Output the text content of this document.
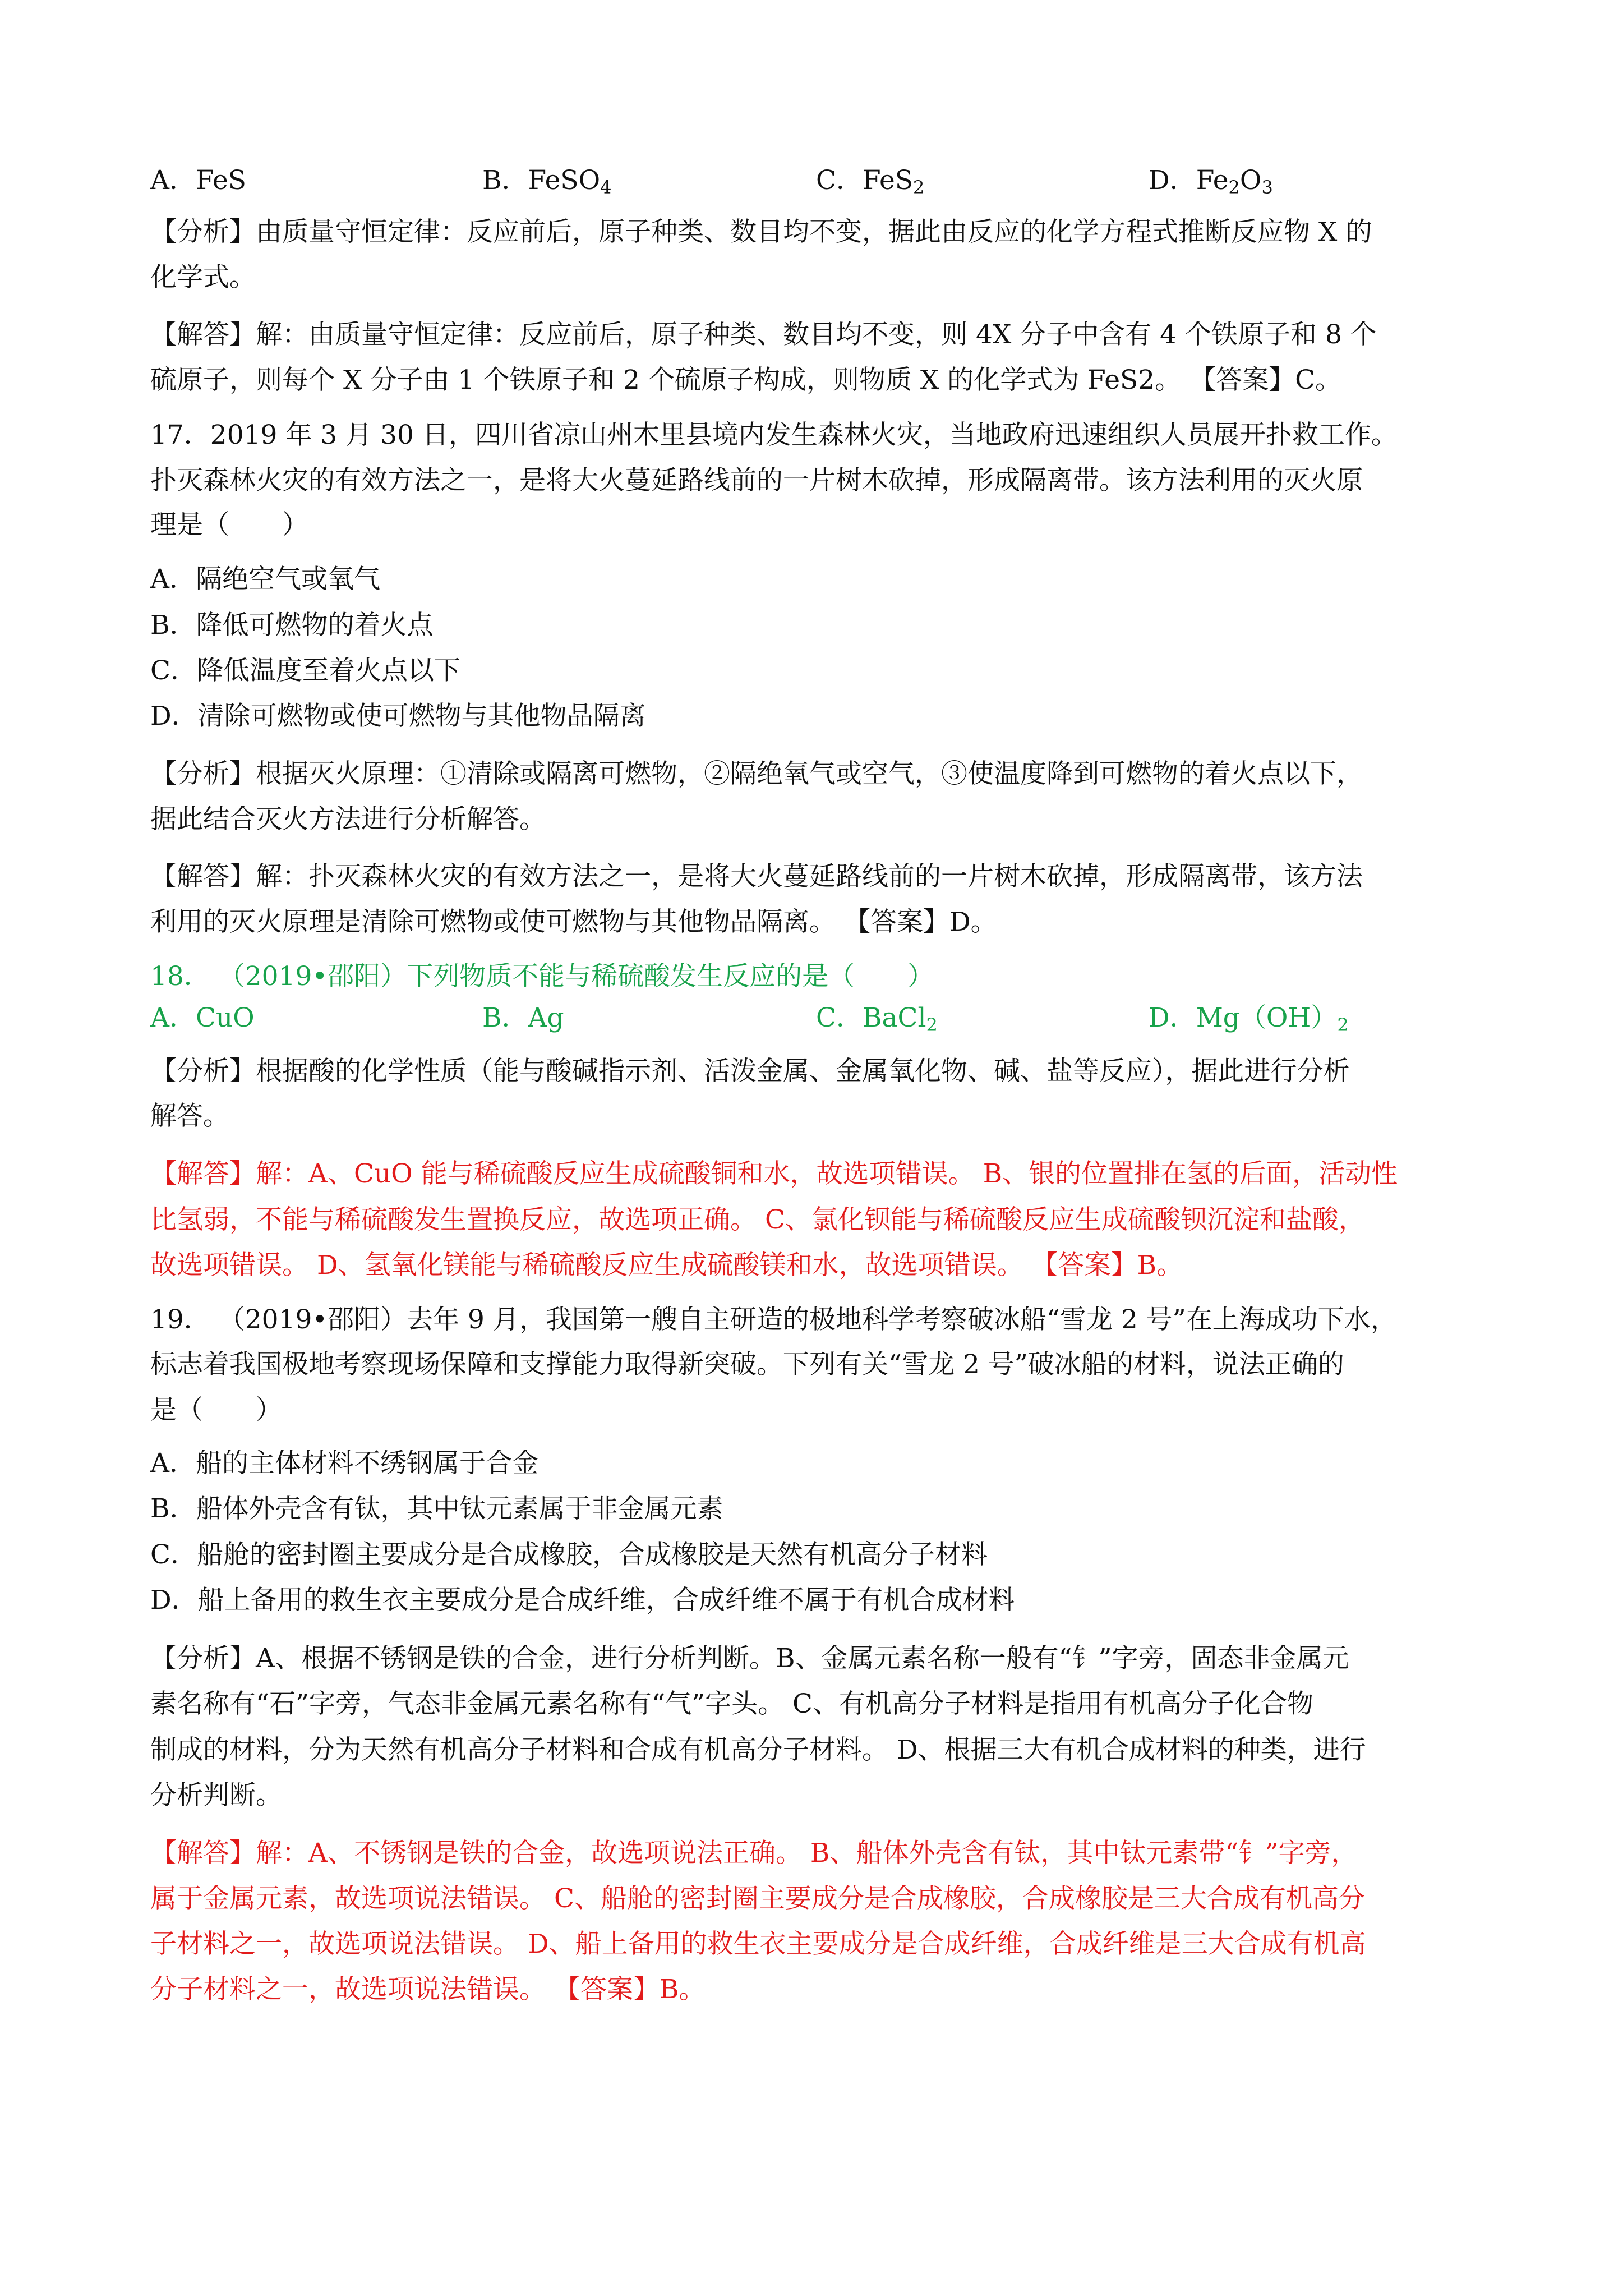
A．FeS	B．FeSO$_4$	C．FeS$_2$	D．$Fe_2O_3$
【分析】由质量守恒定律：反应前后，原子种类、数目均不变，据此由反应的化学方程式推断反应物 X 的
化学式。
【解答】解：由质量守恒定律：反应前后，原子种类、数目均不变，则 4X 分子中含有 4 个铁原子和 8 个
硫原子，则每个 X 分子由 1 个铁原子和 2 个硫原子构成，则物质 X 的化学式为 FeS2。 【答案】C。
17．2019 年 3 月 30 日，四川省凉山州木里县境内发生森林火灾，当地政府迅速组织人员展开扑救工作。
扑灭森林火灾的有效方法之一，是将大火蔓延路线前的一片树木砍掉，形成隔离带。该方法利用的灭火原
理是（　　）
A．隔绝空气或氧气
B．降低可燃物的着火点
C．降低温度至着火点以下
D．清除可燃物或使可燃物与其他物品隔离
【分析】根据灭火原理：①清除或隔离可燃物，②隔绝氧气或空气，③使温度降到可燃物的着火点以下，
据此结合灭火方法进行分析解答。
【解答】解：扑灭森林火灾的有效方法之一，是将大火蔓延路线前的一片树木砍掉，形成隔离带，该方法
利用的灭火原理是清除可燃物或使可燃物与其他物品隔离。 【答案】D。
18． （2019•邵阳）下列物质不能与稀硫酸发生反应的是（　　）
A．CuO	B．Ag	C．BaCl$_2$	D．$Mg(OH)_2$
【分析】根据酸的化学性质（能与酸碱指示剂、活泼金属、金属氧化物、碱、盐等反应），据此进行分析
解答。
【解答】解：A、CuO 能与稀硫酸反应生成硫酸铜和水，故选项错误。 B、银的位置排在氢的后面，活动性
比氢弱，不能与稀硫酸发生置换反应，故选项正确。 C、氯化钡能与稀硫酸反应生成硫酸钡沉淀和盐酸，
故选项错误。 D、氢氧化镁能与稀硫酸反应生成硫酸镁和水，故选项错误。 【答案】B。
19． （2019•邵阳）去年 9 月，我国第一艘自主研造的极地科学考察破冰船“雪龙 2 号”在上海成功下水，
标志着我国极地考察现场保障和支撑能力取得新突破。下列有关“雪龙 2 号”破冰船的材料，说法正确的
是（　　）
A．船的主体材料不绣钢属于合金
B．船体外壳含有钛，其中钛元素属于非金属元素
C．船舱的密封圈主要成分是合成橡胶，合成橡胶是天然有机高分子材料
D．船上备用的救生衣主要成分是合成纤维，合成纤维不属于有机合成材料
【分析】A、根据不锈钢是铁的合金，进行分析判断。B、金属元素名称一般有“钅”字旁，固态非金属元
素名称有“石”字旁，气态非金属元素名称有“气”字头。 C、有机高分子材料是指用有机高分子化合物
制成的材料，分为天然有机高分子材料和合成有机高分子材料。 D、根据三大有机合成材料的种类，进行
分析判断。
【解答】解：A、不锈钢是铁的合金，故选项说法正确。 B、船体外壳含有钛，其中钛元素带“钅”字旁，
属于金属元素，故选项说法错误。 C、船舱的密封圈主要成分是合成橡胶，合成橡胶是三大合成有机高分
子材料之一，故选项说法错误。 D、船上备用的救生衣主要成分是合成纤维，合成纤维是三大合成有机高
分子材料之一，故选项说法错误。 【答案】B。
